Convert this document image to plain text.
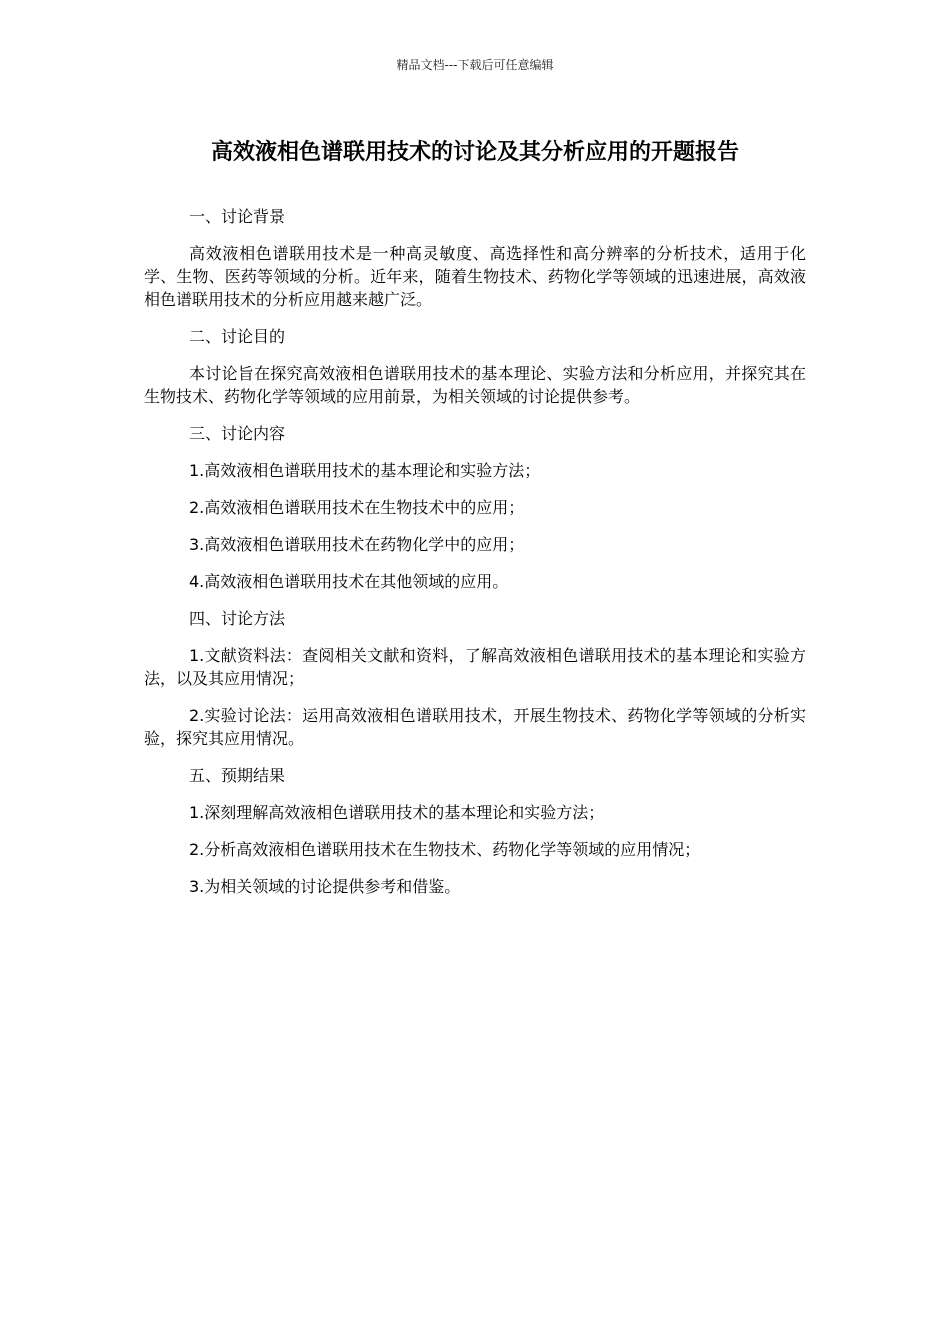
精品文档---下载后可任意编辑
高效液相色谱联用技术的讨论及其分析应用的开题报告

一、讨论背景

高效液相色谱联用技术是一种高灵敏度、高选择性和高分辨率的分析技术，适用于化学、生物、医药等领域的分析。近年来，随着生物技术、药物化学等领域的迅速进展，高效液相色谱联用技术的分析应用越来越广泛。

二、讨论目的

本讨论旨在探究高效液相色谱联用技术的基本理论、实验方法和分析应用，并探究其在生物技术、药物化学等领域的应用前景，为相关领域的讨论提供参考。

三、讨论内容

1.高效液相色谱联用技术的基本理论和实验方法；

2.高效液相色谱联用技术在生物技术中的应用；

3.高效液相色谱联用技术在药物化学中的应用；

4.高效液相色谱联用技术在其他领域的应用。

四、讨论方法

1.文献资料法：查阅相关文献和资料，了解高效液相色谱联用技术的基本理论和实验方法，以及其应用情况；

2.实验讨论法：运用高效液相色谱联用技术，开展生物技术、药物化学等领域的分析实验，探究其应用情况。

五、预期结果

1.深刻理解高效液相色谱联用技术的基本理论和实验方法；

2.分析高效液相色谱联用技术在生物技术、药物化学等领域的应用情况；

3.为相关领域的讨论提供参考和借鉴。
